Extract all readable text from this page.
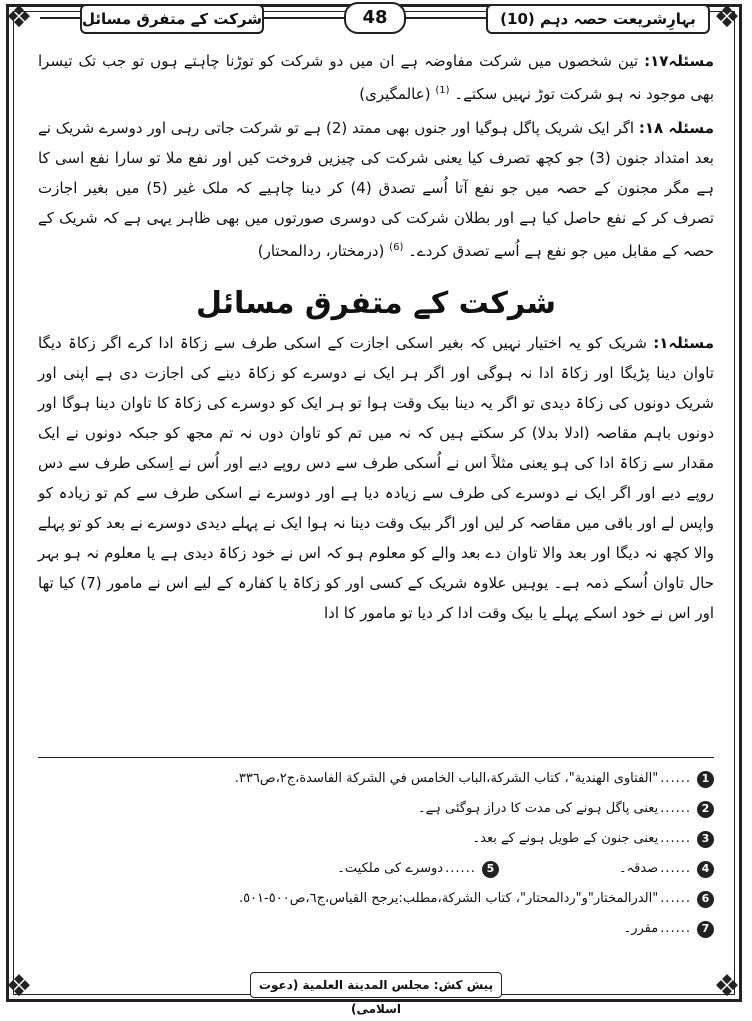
❖	❖
❖	❖
بہارِشریعت حصہ دہم (10)
48
شرکت کے متفرق مسائل

مسئلہ۱۷: تین شخصوں میں شرکت مفاوضہ ہے ان میں دو شرکت کو توڑنا چاہتے ہوں تو جب تک تیسرا بھی موجود نہ ہو شرکت توڑ نہیں سکتے۔ $^{(1)}$ (عالمگیری)

مسئلہ ۱۸: اگر ایک شریک پاگل ہوگیا اور جنوں بھی ممتد (2) ہے تو شرکت جاتی رہی اور دوسرے شریک نے بعد امتداد جنون (3) جو کچھ تصرف کیا یعنی شرکت کی چیزیں فروخت کیں اور نفع ملا تو سارا نفع اسی کا ہے مگر مجنون کے حصہ میں جو نفع آتا اُسے تصدق (4) کر دینا چاہیے کہ ملک غیر (5) میں بغیر اجازت تصرف کر کے نفع حاصل کیا ہے اور بطلان شرکت کی دوسری صورتوں میں بھی ظاہر یہی ہے کہ شریک کے حصہ کے مقابل میں جو نفع ہے اُسے تصدق کردے۔ $^{(6)}$ (درمختار، ردالمحتار)

شرکت کے متفرق مسائل

مسئلہ۱: شریک کو یہ اختیار نہیں کہ بغیر اسکی اجازت کے اسکی طرف سے زکاۃ ادا کرے اگر زکاۃ دیگا تاوان دینا پڑیگا اور زکاۃ ادا نہ ہوگی اور اگر ہر ایک نے دوسرے کو زکاۃ دینے کی اجازت دی ہے اپنی اور شریک دونوں کی زکاۃ دیدی تو اگر یہ دینا بیک وقت ہوا تو ہر ایک کو دوسرے کی زکاۃ کا تاوان دینا ہوگا اور دونوں باہم مقاصہ (ادلا بدلا) کر سکتے ہیں کہ نہ میں تم کو تاوان دوں نہ تم مجھ کو جبکہ دونوں نے ایک مقدار سے زکاۃ ادا کی ہو یعنی مثلاً اس نے اُسکی طرف سے دس روپے دیے اور اُس نے اِسکی طرف سے دس روپے دیے اور اگر ایک نے دوسرے کی طرف سے زیادہ دیا ہے اور دوسرے نے اسکی طرف سے کم تو زیادہ کو واپس لے اور باقی میں مقاصہ کر لیں اور اگر بیک وقت دینا نہ ہوا ایک نے پہلے دیدی دوسرے نے بعد کو تو پہلے والا کچھ نہ دیگا اور بعد والا تاوان دے بعد والے کو معلوم ہو کہ اس نے خود زکاۃ دیدی ہے یا معلوم نہ ہو بہر حال تاوان اُسکے ذمہ ہے۔ یوہیں علاوہ شریک کے کسی اور کو زکاۃ یا کفارہ کے لیے اس نے مامور (7) کیا تھا اور اس نے خود اسکے پہلے یا بیک وقت ادا کر دیا تو مامور کا ادا

1
......
"الفتاوى الهندية"، كتاب الشركة،الباب الخامس في الشركة الفاسدة،ج٢،ص٣٣٦.
2
......
یعنی پاگل ہونے کی مدت کا دراز ہوگئی ہے۔
3
......
یعنی جنون کے طویل ہونے کے بعد۔
4
......
صدقہ۔
5
......
دوسرے کی ملکیت۔
6
......
"الدرالمختار"و"ردالمحتار"، كتاب الشركة،مطلب:يرجح القياس،ج٦،ص٥٠٠-٥٠١.
7
......
مقرر۔
پیش کش: مجلس المدینة العلمیة (دعوت اسلامی)
